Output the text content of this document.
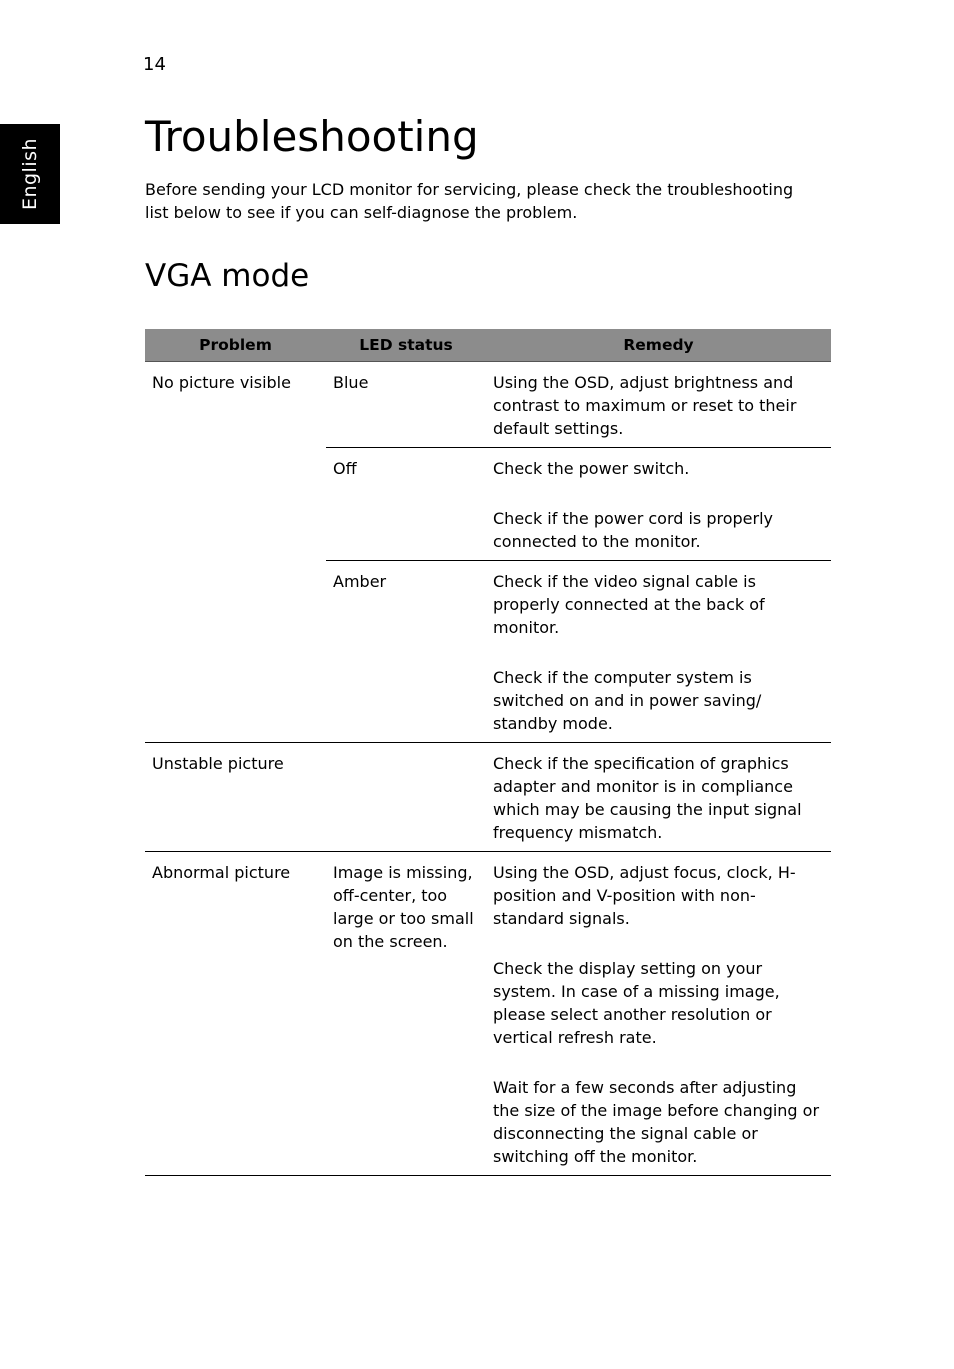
14
English
Troubleshooting

Before sending your LCD monitor for servicing, please check the troubleshooting list below to see if you can self-diagnose the problem.

VGA mode
Problem	LED status	Remedy
No picture visible	Blue	Using the OSD, adjust brightness and contrast to maximum or reset to their default settings.

	Off	Check the power switch.
Check if the power cord is properly connected to the monitor.

	Amber	Check if the video signal cable is properly connected at the back of monitor.
Check if the computer system is switched on and in power saving/ standby mode.

Unstable picture		Check if the specification of graphics adapter and monitor is in compliance which may be causing the input signal frequency mismatch.

Abnormal picture	Image is missing, off-center, too large or too small on the screen.	Using the OSD, adjust focus, clock, H-position and V-position with non-standard signals.
Check the display setting on your system. In case of a missing image, please select another resolution or vertical refresh rate.
Wait for a few seconds after adjusting the size of the image before changing or disconnecting the signal cable or switching off the monitor.
